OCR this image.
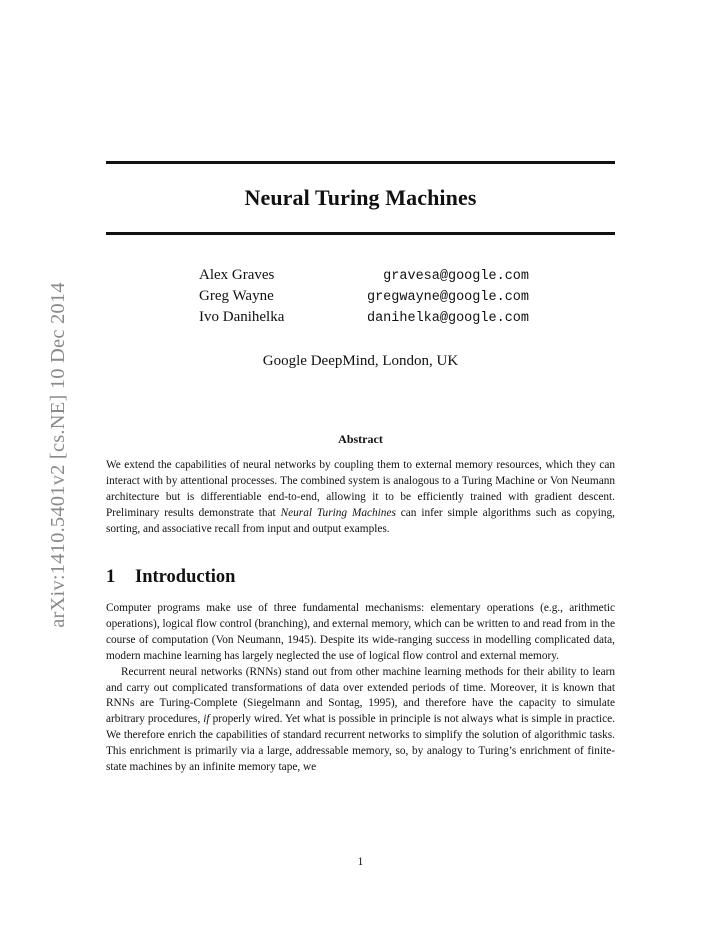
arXiv:1410.5401v2 [cs.NE] 10 Dec 2014
Neural Turing Machines
Alex Graves	gravesa@google.com
Greg Wayne	gregwayne@google.com
Ivo Danihelka	danihelka@google.com
Google DeepMind, London, UK
Abstract
We extend the capabilities of neural networks by coupling them to external memory resources, which they can interact with by attentional processes. The combined system is analogous to a Turing Machine or Von Neumann architecture but is differentiable end-to-end, allowing it to be efficiently trained with gradient descent. Preliminary results demonstrate that Neural Turing Machines can infer simple algorithms such as copying, sorting, and associative recall from input and output examples.
1 Introduction

Computer programs make use of three fundamental mechanisms: elementary operations (e.g., arithmetic operations), logical flow control (branching), and external memory, which can be written to and read from in the course of computation (Von Neumann, 1945). Despite its wide-ranging success in modelling complicated data, modern machine learning has largely neglected the use of logical flow control and external memory.

Recurrent neural networks (RNNs) stand out from other machine learning methods for their ability to learn and carry out complicated transformations of data over extended periods of time. Moreover, it is known that RNNs are Turing-Complete (Siegelmann and Sontag, 1995), and therefore have the capacity to simulate arbitrary procedures, if properly wired. Yet what is possible in principle is not always what is simple in practice. We therefore enrich the capabilities of standard recurrent networks to simplify the solution of algorithmic tasks. This enrichment is primarily via a large, addressable memory, so, by analogy to Turing’s enrichment of finite-state machines by an infinite memory tape, we

1
